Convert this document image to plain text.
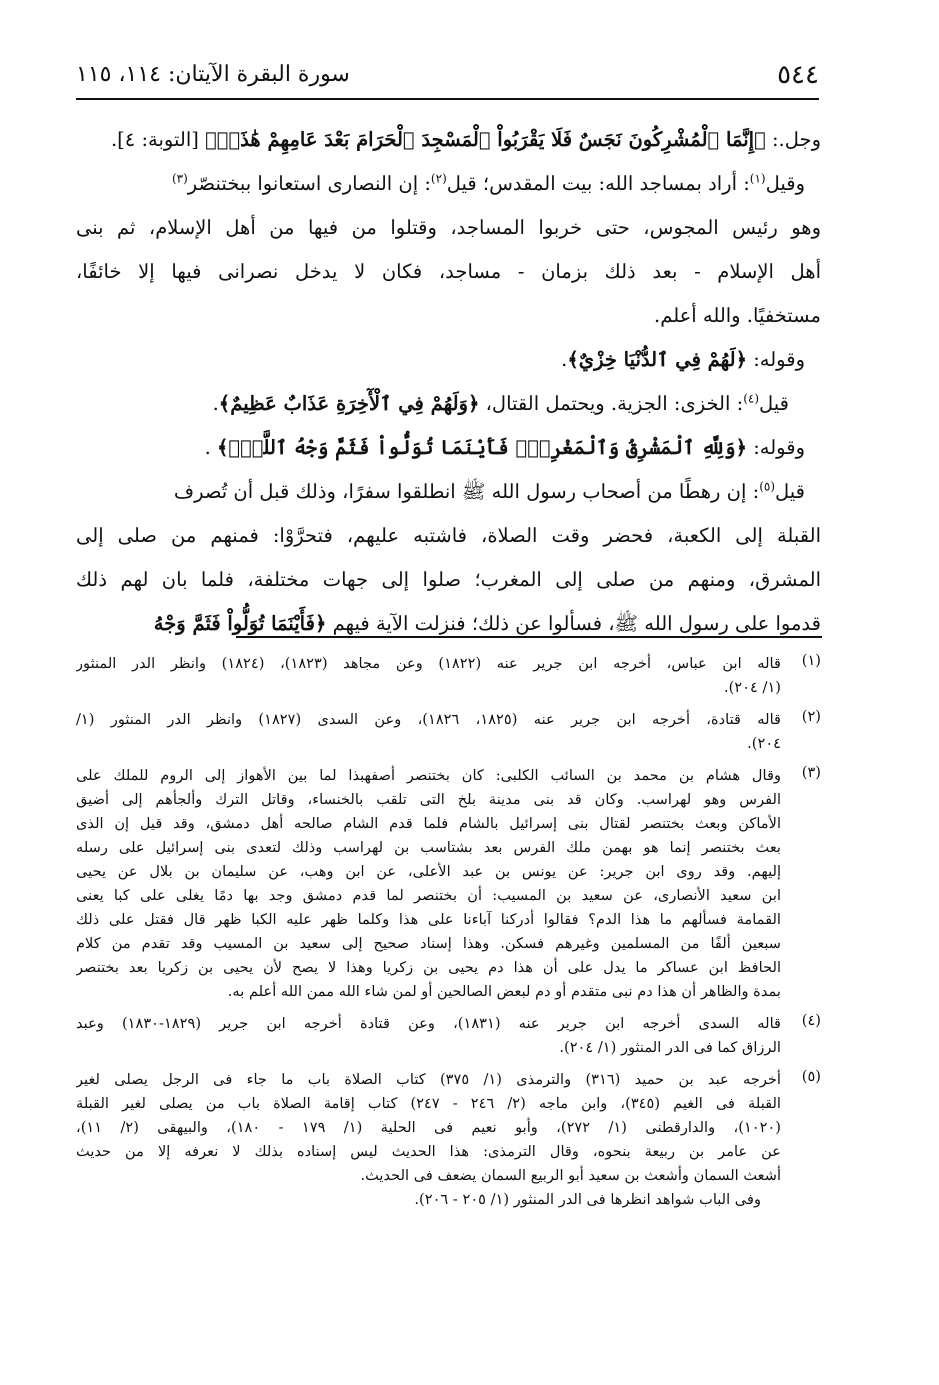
٥٤٤
سورة البقرة الآيتان: ١١٤، ١١٥
وجل.: ﴿إِنَّمَا ٱلْمُشْرِكُونَ نَجَسٌ فَلَا يَقْرَبُواْ ٱلْمَسْجِدَ ٱلْحَرَامَ بَعْدَ عَامِهِمْ هَٰذَاۚ﴾ [التوبة: ٤].
وقيل$^{(١)}$: أراد بمساجد الله: بيت المقدس؛ قيل$^{(٢)}$: إن النصارى استعانوا ببختنصّر$^{(٣)}$
وهو رئيس المجوس، حتى خربوا المساجد، وقتلوا من فيها من أهل الإسلام، ثم بنى
أهل الإسلام - بعد ذلك بزمان - مساجد، فكان لا يدخل نصرانى فيها إلا خائفًا،
مستخفيًا. والله أعلم.
وقوله: ﴿لَهُمْ فِي ٱلدُّنْيَا خِزْيٌ﴾.
قيل$^{(٤)}$: الخزى: الجزية. ويحتمل القتال، ﴿وَلَهُمْ فِي ٱلْأٓخِرَةِ عَذَابٌ عَظِيمٌ﴾.
وقوله: ﴿وَلِلَّهِ ٱلْمَشْرِقُ وَٱلْمَغْرِبُۚ فَأَيْنَمَا تُوَلُّواْ فَثَمَّ وَجْهُ ٱللَّهِۚ﴾ .
قيل$^{(٥)}$: إن رهطًا من أصحاب رسول الله ﷺ انطلقوا سفرًا، وذلك قبل أن تُصرف
القبلة إلى الكعبة، فحضر وقت الصلاة، فاشتبه عليهم، فتحرَّوْا: فمنهم من صلى إلى
المشرق، ومنهم من صلى إلى المغرب؛ صلوا إلى جهات مختلفة، فلما بان لهم ذلك
قدموا على رسول الله ﷺ، فسألوا عن ذلك؛ فنزلت الآية فيهم ﴿فَأَيْنَمَا تُوَلُّواْ فَثَمَّ وَجْهُ
(١)
قاله ابن عباس، أخرجه ابن جرير عنه (١٨٢٢) وعن مجاهد (١٨٢٣)، (١٨٢٤) وانظر الدر المنثور
(١/ ٢٠٤).
(٢)
قاله قتادة، أخرجه ابن جرير عنه (١٨٢٥، ١٨٢٦)، وعن السدى (١٨٢٧) وانظر الدر المنثور (١/
٢٠٤).
(٣)
وقال هشام بن محمد بن السائب الكلبى: كان بختنصر أصفهبذا لما بين الأهواز إلى الروم للملك على
الفرس وهو لهراسب. وكان قد بنى مدينة بلخ التى تلقب بالخنساء، وقاتل الترك وألجأهم إلى أضيق
الأماكن وبعث بختنصر لقتال بنى إسرائيل بالشام فلما قدم الشام صالحه أهل دمشق، وقد قيل إن الذى
بعث بختنصر إنما هو بهمن ملك الفرس بعد بشتاسب بن لهراسب وذلك لتعدى بنى إسرائيل على رسله
إليهم. وقد روى ابن جرير: عن يونس بن عبد الأعلى، عن ابن وهب، عن سليمان بن بلال عن يحيى
ابن سعيد الأنصارى، عن سعيد بن المسيب: أن بختنصر لما قدم دمشق وجد بها دمًا يغلى على كبا يعنى
القمامة فسألهم ما هذا الدم؟ فقالوا أدركنا آباءنا على هذا وكلما ظهر عليه الكبا ظهر قال فقتل على ذلك
سبعين ألفًا من المسلمين وغيرهم فسكن. وهذا إسناد صحيح إلى سعيد بن المسيب وقد تقدم من كلام
الحافظ ابن عساكر ما يدل على أن هذا دم يحيى بن زكريا وهذا لا يصح لأن يحيى بن زكريا بعد بختنصر
بمدة والظاهر أن هذا دم نبى متقدم أو دم لبعض الصالحين أو لمن شاء الله ممن الله أعلم به.
(٤)
قاله السدى أخرجه ابن جرير عنه (١٨٣١)، وعن قتادة أخرجه ابن جرير (١٨٢٩-١٨٣٠) وعبد
الرزاق كما فى الدر المنثور (١/ ٢٠٤).
(٥)
أخرجه عبد بن حميد (٣١٦) والترمذى (١/ ٣٧٥) كتاب الصلاة باب ما جاء فى الرجل يصلى لغير
القبلة فى الغيم (٣٤٥)، وابن ماجه (٢/ ٢٤٦ - ٢٤٧) كتاب إقامة الصلاة باب من يصلى لغير القبلة
(١٠٢٠)، والدارقطنى (١/ ٢٧٢)، وأبو نعيم فى الحلية (١/ ١٧٩ - ١٨٠)، والبيهقى (٢/ ١١)،
عن عامر بن ربيعة بنحوه، وقال الترمذى: هذا الحديث ليس إسناده بذلك لا نعرفه إلا من حديث
أشعث السمان وأشعث بن سعيد أبو الربيع السمان يضعف فى الحديث.
وفى الباب شواهد انظرها فى الدر المنثور (١/ ٢٠٥ - ٢٠٦).
